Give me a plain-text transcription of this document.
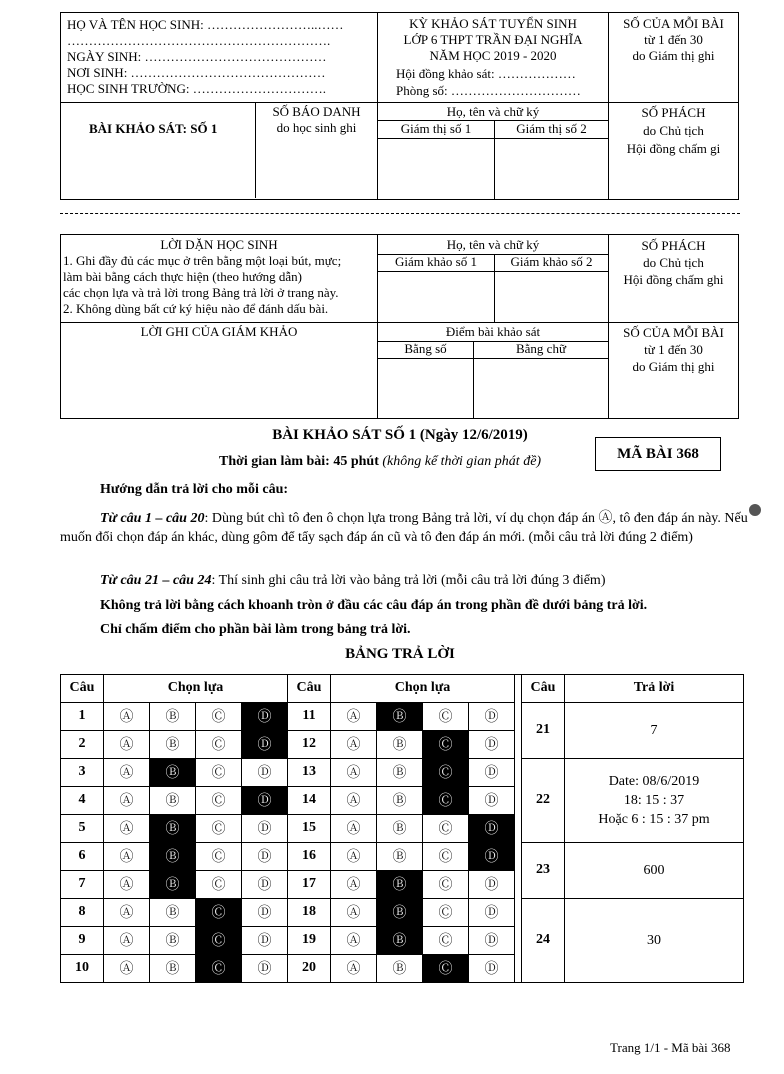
HỌ VÀ TÊN HỌC SINH: ……………………..……
…………………………………………………….
NGÀY SINH: ……………………………………
NƠI SINH: ………………………………………
HỌC SINH TRƯỜNG: ………………………….
BÀI KHẢO SÁT: SỐ 1
SỐ BÁO DANH
do học sinh ghi
KỲ KHẢO SÁT TUYỂN SINH
LỚP 6 THPT TRẦN ĐẠI NGHĨA
NĂM HỌC 2019 - 2020
Hội đồng khảo sát: ………………
Phòng số: …………………………
Họ, tên và chữ ký
Giám thị số 1	Giám thị số 2
SỐ CỦA MỖI BÀI
từ 1 đến 30
do Giám thị ghi
SỐ PHÁCH
do Chủ tịch
Hội đồng chấm gi
LỜI DẶN HỌC SINH
1. Ghi đầy đủ các mục ở trên bằng một loại bút, mực;
làm bài bằng cách thực hiện (theo hướng dẫn)
các chọn lựa và trả lời trong Bảng trả lời ở trang này.
2. Không dùng bất cứ ký hiệu nào để đánh dấu bài.
LỜI GHI CỦA GIÁM KHẢO
Họ, tên và chữ ký
Giám khảo số 1	Giám khảo số 2
Điểm bài khảo sát
Bằng số	Bằng chữ
SỐ PHÁCH
do Chủ tịch
Hội đồng chấm ghi
SỐ CỦA MỖI BÀI
từ 1 đến 30
do Giám thị ghi
BÀI KHẢO SÁT SỐ 1 (Ngày 12/6/2019)
Thời gian làm bài: 45 phút (không kể thời gian phát đề)	MÃ BÀI 368
Hướng dẫn trả lời cho mỗi câu:
Từ câu 1 – câu 20: Dùng bút chì tô đen ô chọn lựa trong Bảng trả lời, ví dụ chọn đáp án Ⓐ, tô đen đáp án này. Nếu muốn đổi chọn đáp án khác, dùng gôm để tẩy sạch đáp án cũ và tô đen đáp án mới. (mỗi câu trả lời đúng 2 điểm)
Từ câu 21 – câu 24: Thí sinh ghi câu trả lời vào bảng trả lời (mỗi câu trả lời đúng 3 điểm)
Không trả lời bằng cách khoanh tròn ở đầu các câu đáp án trong phần đề dưới bảng trả lời.
Chỉ chấm điểm cho phần bài làm trong bảng trả lời.
BẢNG TRẢ LỜI
Câu	Chọn lựa				Câu	Chọn lựa					Câu	Trả lời
1	Ⓐ	Ⓑ	Ⓒ	Ⓓ	11	Ⓐ	Ⓑ	Ⓒ	Ⓓ		21	7

2	Ⓐ	Ⓑ	Ⓒ	Ⓓ	12	Ⓐ	Ⓑ	Ⓒ	Ⓓ			
3	Ⓐ	Ⓑ	Ⓒ	Ⓓ	13	Ⓐ	Ⓑ	Ⓒ	Ⓓ		22	Date: 08/6/2019
18: 15 : 37
Hoặc 6 : 15 : 37 pm

4	Ⓐ	Ⓑ	Ⓒ	Ⓓ	14	Ⓐ	Ⓑ	Ⓒ	Ⓓ			
5	Ⓐ	Ⓑ	Ⓒ	Ⓓ	15	Ⓐ	Ⓑ	Ⓒ	Ⓓ			
6	Ⓐ	Ⓑ	Ⓒ	Ⓓ	16	Ⓐ	Ⓑ	Ⓒ	Ⓓ		23	600

7	Ⓐ	Ⓑ	Ⓒ	Ⓓ	17	Ⓐ	Ⓑ	Ⓒ	Ⓓ			
8	Ⓐ	Ⓑ	Ⓒ	Ⓓ	18	Ⓐ	Ⓑ	Ⓒ	Ⓓ		24	30

9	Ⓐ	Ⓑ	Ⓒ	Ⓓ	19	Ⓐ	Ⓑ	Ⓒ	Ⓓ			
10	Ⓐ	Ⓑ	Ⓒ	Ⓓ	20	Ⓐ	Ⓑ	Ⓒ	Ⓓ			
Trang 1/1 - Mã bài 368
